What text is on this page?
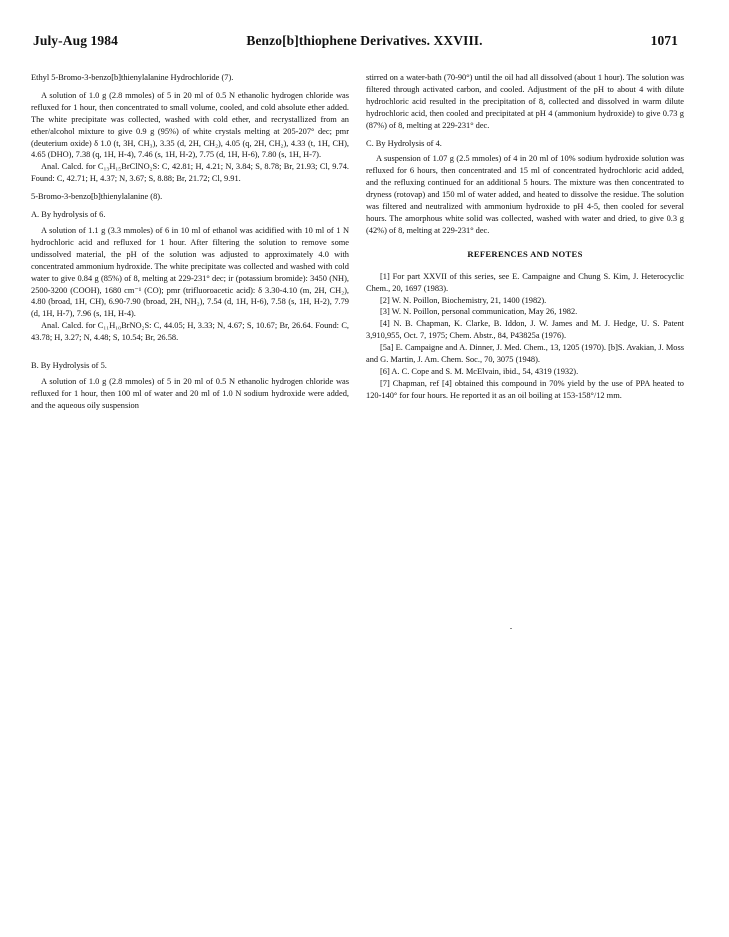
July-Aug 1984	Benzo[b]thiophene Derivatives. XXVIII.	1071

Ethyl 5-Bromo-3-benzo[b]thienylalanine Hydrochloride (7).

A solution of 1.0 g (2.8 mmoles) of 5 in 20 ml of 0.5 N ethanolic hydrogen chloride was refluxed for 1 hour, then concentrated to small volume, cooled, and cold absolute ether added. The white precipitate was collected, washed with cold ether, and recrystallized from an ether/alcohol mixture to give 0.9 g (95%) of white crystals melting at 205-207° dec; pmr (deuterium oxide) δ 1.0 (t, 3H, CH₃), 3.35 (d, 2H, CH₂), 4.05 (q, 2H, CH₂), 4.33 (t, 1H, CH), 4.65 (DHO), 7.38 (q, 1H, H-4), 7.46 (s, 1H, H-2), 7.75 (d, 1H, H-6), 7.80 (s, 1H, H-7).

Anal. Calcd. for C₁₃H₁₅BrClNO₂S: C, 42.81; H, 4.21; N, 3.84; S, 8.78; Br, 21.93; Cl, 9.74. Found: C, 42.71; H, 4.37; N, 3.67; S, 8.88; Br, 21.72; Cl, 9.91.

5-Bromo-3-benzo[b]thienylalanine (8).

A. By hydrolysis of 6.

A solution of 1.1 g (3.3 mmoles) of 6 in 10 ml of ethanol was acidified with 10 ml of 1 N hydrochloric acid and refluxed for 1 hour. After filtering the solution to remove some undissolved material, the pH of the solution was adjusted to approximately 4.0 with concentrated ammonium hydroxide. The white precipitate was collected and washed with cold water to give 0.84 g (85%) of 8, melting at 229-231° dec; ir (potassium bromide): 3450 (NH), 2500-3200 (COOH), 1680 cm⁻¹ (CO); pmr (trifluoroacetic acid): δ 3.30-4.10 (m, 2H, CH₂), 4.80 (broad, 1H, CH), 6.90-7.90 (broad, 2H, NH₂), 7.54 (d, 1H, H-6), 7.58 (s, 1H, H-2), 7.79 (d, 1H, H-7), 7.96 (s, 1H, H-4).

Anal. Calcd. for C₁₁H₁₀BrNO₂S: C, 44.05; H, 3.33; N, 4.67; S, 10.67; Br, 26.64. Found: C, 43.78; H, 3.27; N, 4.48; S, 10.54; Br, 26.58.

B. By Hydrolysis of 5.

A solution of 1.0 g (2.8 mmoles) of 5 in 20 ml of 0.5 N ethanolic hydrogen chloride was refluxed for 1 hour, then 100 ml of water and 20 ml of 1.0 N sodium hydroxide were added, and the aqueous oily suspension

stirred on a water-bath (70-90°) until the oil had all dissolved (about 1 hour). The solution was filtered through activated carbon, and cooled. Adjustment of the pH to about 4 with dilute hydrochloric acid resulted in the precipitation of 8, collected and dissolved in warm dilute hydrochloric acid, then cooled and precipitated at pH 4 (ammonium hydroxide) to give 0.73 g (87%) of 8, melting at 229-231° dec.

C. By Hydrolysis of 4.

A suspension of 1.07 g (2.5 mmoles) of 4 in 20 ml of 10% sodium hydroxide solution was refluxed for 6 hours, then concentrated and 15 ml of concentrated hydrochloric acid added, and the refluxing continued for an additional 5 hours. The mixture was then concentrated to dryness (rotovap) and 150 ml of water added, and heated to dissolve the residue. The solution was filtered and neutralized with ammonium hydroxide to pH 4-5, then cooled for several hours. The amorphous white solid was collected, washed with water and dried, to give 0.3 g (42%) of 8, melting at 229-231° dec.

REFERENCES AND NOTES

[1] For part XXVII of this series, see E. Campaigne and Chung S. Kim, J. Heterocyclic Chem., 20, 1697 (1983).

[2] W. N. Poillon, Biochemistry, 21, 1400 (1982).

[3] W. N. Poillon, personal communication, May 26, 1982.

[4] N. B. Chapman, K. Clarke, B. Iddon, J. W. James and M. J. Hedge, U. S. Patent 3,910,955, Oct. 7, 1975; Chem. Abstr., 84, P43825a (1976).

[5a] E. Campaigne and A. Dinner, J. Med. Chem., 13, 1205 (1970). [b]S. Avakian, J. Moss and G. Martin, J. Am. Chem. Soc., 70, 3075 (1948).

[6] A. C. Cope and S. M. McElvain, ibid., 54, 4319 (1932).

[7] Chapman, ref [4] obtained this compound in 70% yield by the use of PPA heated to 120-140° for four hours. He reported it as an oil boiling at 153-158°/12 mm.
